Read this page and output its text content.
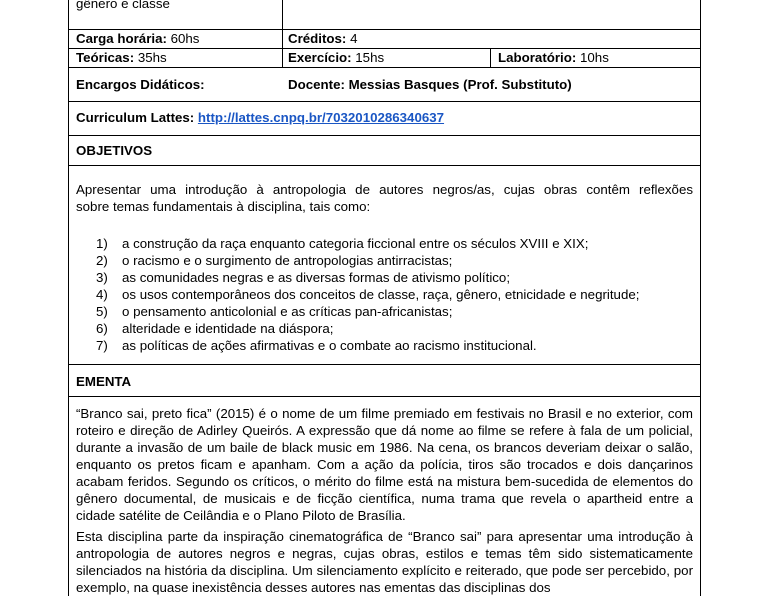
gênero e classe
Carga horária: 60hs	Créditos: 4
Teóricas: 35hs	Exercício: 15hs	Laboratório: 10hs
Encargos Didáticos:	Docente: Messias Basques (Prof. Substituto)
Curriculum Lattes: http://lattes.cnpq.br/7032010286340637
OBJETIVOS
Apresentar uma introdução à antropologia de autores negros/as, cujas obras contêm reflexões
sobre temas fundamentais à disciplina, tais como:
1) a construção da raça enquanto categoria ficcional entre os séculos XVIII e XIX;
2) o racismo e o surgimento de antropologias antirracistas;
3) as comunidades negras e as diversas formas de ativismo político;
4) os usos contemporâneos dos conceitos de classe, raça, gênero, etnicidade e negritude;
5) o pensamento anticolonial e as críticas pan-africanistas;
6) alteridade e identidade na diáspora;
7) as políticas de ações afirmativas e o combate ao racismo institucional.
EMENTA
“Branco sai, preto fica” (2015) é o nome de um filme premiado em festivais no Brasil e no exterior, com roteiro e direção de Adirley Queirós. A expressão que dá nome ao filme se refere à fala de um policial, durante a invasão de um baile de black music em 1986. Na cena, os brancos deveriam deixar o salão, enquanto os pretos ficam e apanham. Com a ação da polícia, tiros são trocados e dois dançarinos acabam feridos. Segundo os críticos, o mérito do filme está na mistura bem-sucedida de elementos do gênero documental, de musicais e de ficção científica, numa trama que revela o apartheid entre a cidade satélite de Ceilândia e o Plano Piloto de Brasília.
Esta disciplina parte da inspiração cinematográfica de “Branco sai” para apresentar uma introdução à antropologia de autores negros e negras, cujas obras, estilos e temas têm sido sistematicamente silenciados na história da disciplina. Um silenciamento explícito e reiterado, que pode ser percebido, por exemplo, na quase inexistência desses autores nas ementas das disciplinas dos
